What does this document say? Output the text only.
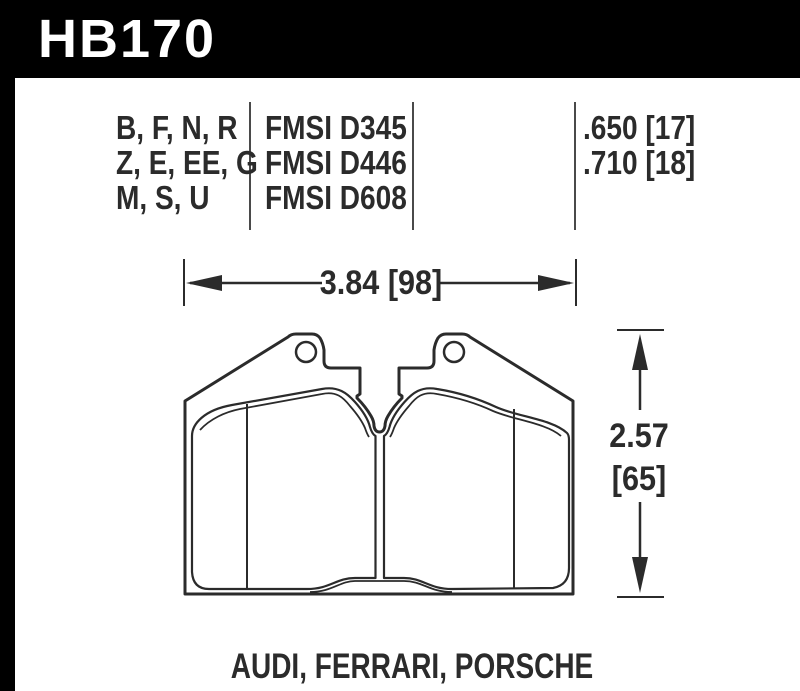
HB170
B, F, N, R FMSI D345	.650 [17]
Z, E, EE, G FMSI D446	.710 [18]
M, S, U FMSI D608
3.84 [98]
2.57
[65]
AUDI, FERRARI, PORSCHE
